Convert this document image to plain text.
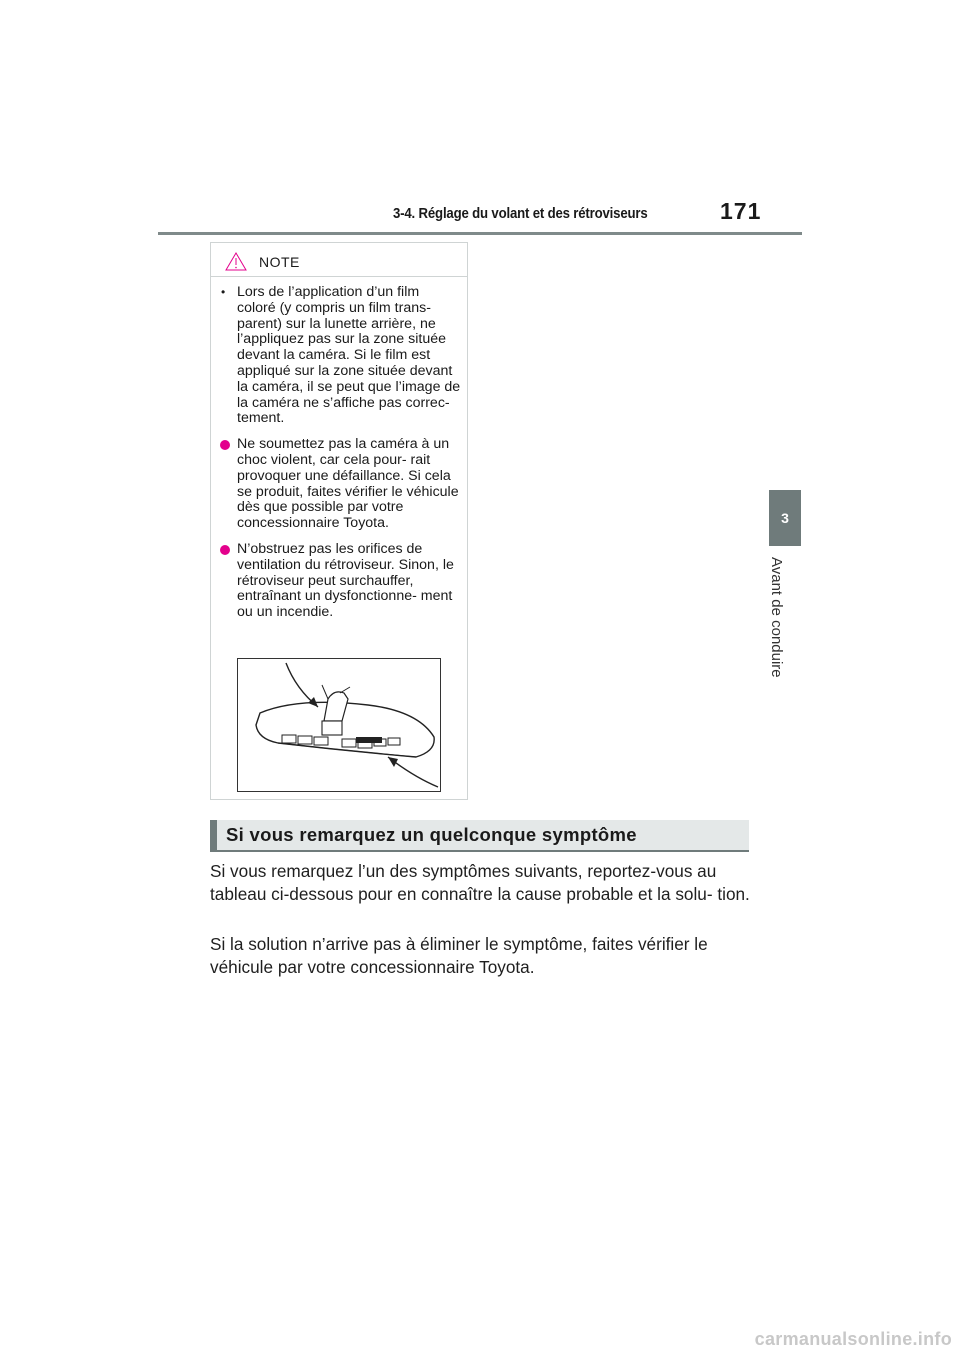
3-4. Réglage du volant et des rétroviseurs	171
3
Avant de conduire
NOTE
• Lors de l’application d’un film coloré (y compris un film trans- parent) sur la lunette arrière, ne l’appliquez pas sur la zone située devant la caméra. Si le film est appliqué sur la zone située devant la caméra, il se peut que l’image de la caméra ne s’affiche pas correc- tement.
Ne soumettez pas la caméra à un choc violent, car cela pour- rait provoquer une défaillance. Si cela se produit, faites vérifier le véhicule dès que possible par votre concessionnaire Toyota.
N’obstruez pas les orifices de ventilation du rétroviseur. Sinon, le rétroviseur peut surchauffer, entraînant un dysfonctionne- ment ou un incendie.
Si vous remarquez un quelconque symptôme
Si vous remarquez l’un des symptômes suivants, reportez-vous au tableau ci-dessous pour en connaître la cause probable et la solu- tion.
Si la solution n’arrive pas à éliminer le symptôme, faites vérifier le véhicule par votre concessionnaire Toyota.
carmanualsonline.info
